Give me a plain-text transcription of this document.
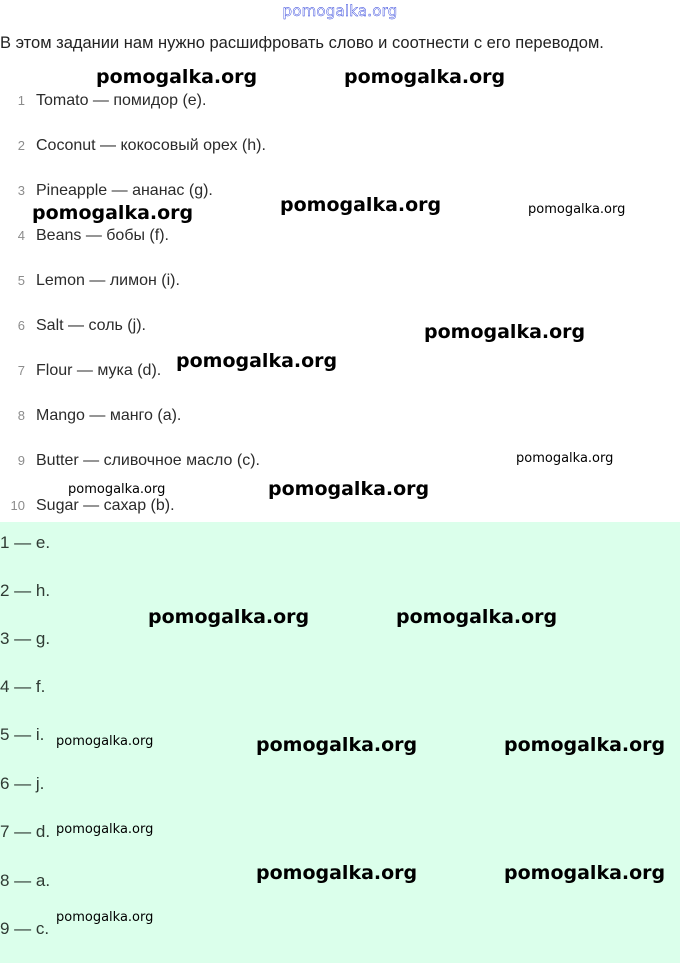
pomogalka.org
В этом задании нам нужно расшифровать слово и соотнести с его переводом.
1 Tomato — помидор (e).
2 Coconut — кокосовый орех (h).
3 Pineapple — ананас (g).
4 Beans — бобы (f).
5 Lemon — лимон (i).
6 Salt — соль (j).
7 Flour — мука (d).
8 Mango — манго (a).
9 Butter — сливочное масло (c).
10 Sugar — сахар (b).
1 — e.
2 — h.
3 — g.
4 — f.
5 — i.
6 — j.
7 — d.
8 — a.
9 — c.
pomogalka.org	pomogalka.org
pomogalka.org	pomogalka.org	pomogalka.org
pomogalka.org
pomogalka.org
pomogalka.org
pomogalka.org	pomogalka.org
pomogalka.org	pomogalka.org
pomogalka.org	pomogalka.org	pomogalka.org
pomogalka.org
pomogalka.org	pomogalka.org
pomogalka.org
